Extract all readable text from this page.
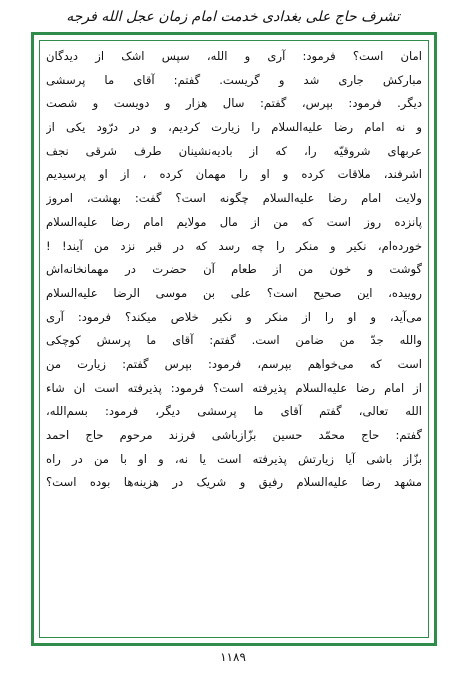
تشرف حاج علی بغدادی خدمت امام زمان عجل الله فرجه
امان است؟ فرمود: آری و الله، سپس اشک از دیدگان
مبارکش جاری شد و گریست. گفتم: آقای ما پرسشی
دیگر. فرمود: بپرس، گفتم: سال هزار و دویست و شصت
و نه امام رضا علیه‌السلام را زیارت کردیم، و در درّود یکی از
عربهای شروقیّه را، که از بادیه‌نشینان طرف شرقی نجف
اشرفند، ملاقات کرده و او را مهمان کرده ، از او پرسیدیم
ولایت امام رضا علیه‌السلام چگونه است؟ گفت: بهشت، امروز
پانزده روز است که من از مال مولایم امام رضا علیه‌السلام
خورده‌ام، نکیر و منکر را چه رسد که در قبر نزد من آیند! !
گوشت و خون من از طعام آن حضرت در مهمانخانه‌اش
روییده، این صحیح است؟ علی بن موسی الرضا علیه‌السلام
می‌آید، و او را از منکر و نکیر خلاص میکند؟ فرمود: آری
والله جدّ من ضامن است. گفتم: آقای ما پرسش کوچکی
است که می‌خواهم بپرسم، فرمود: بپرس گفتم: زیارت من
از امام رضا علیه‌السلام پذیرفته است؟ فرمود: پذیرفته است ان شاء
الله تعالی، گفتم آقای ما پرسشی دیگر، فرمود: بسم‌الله،
گفتم: حاج محمّد حسین بزّازباشی فرزند مرحوم حاج احمد
بزّاز باشی آیا زیارتش پذیرفته است یا نه، و او با من در راه
مشهد رضا علیه‌السلام رفیق و شریک در هزینه‌ها بوده است؟
۱۱۸۹
